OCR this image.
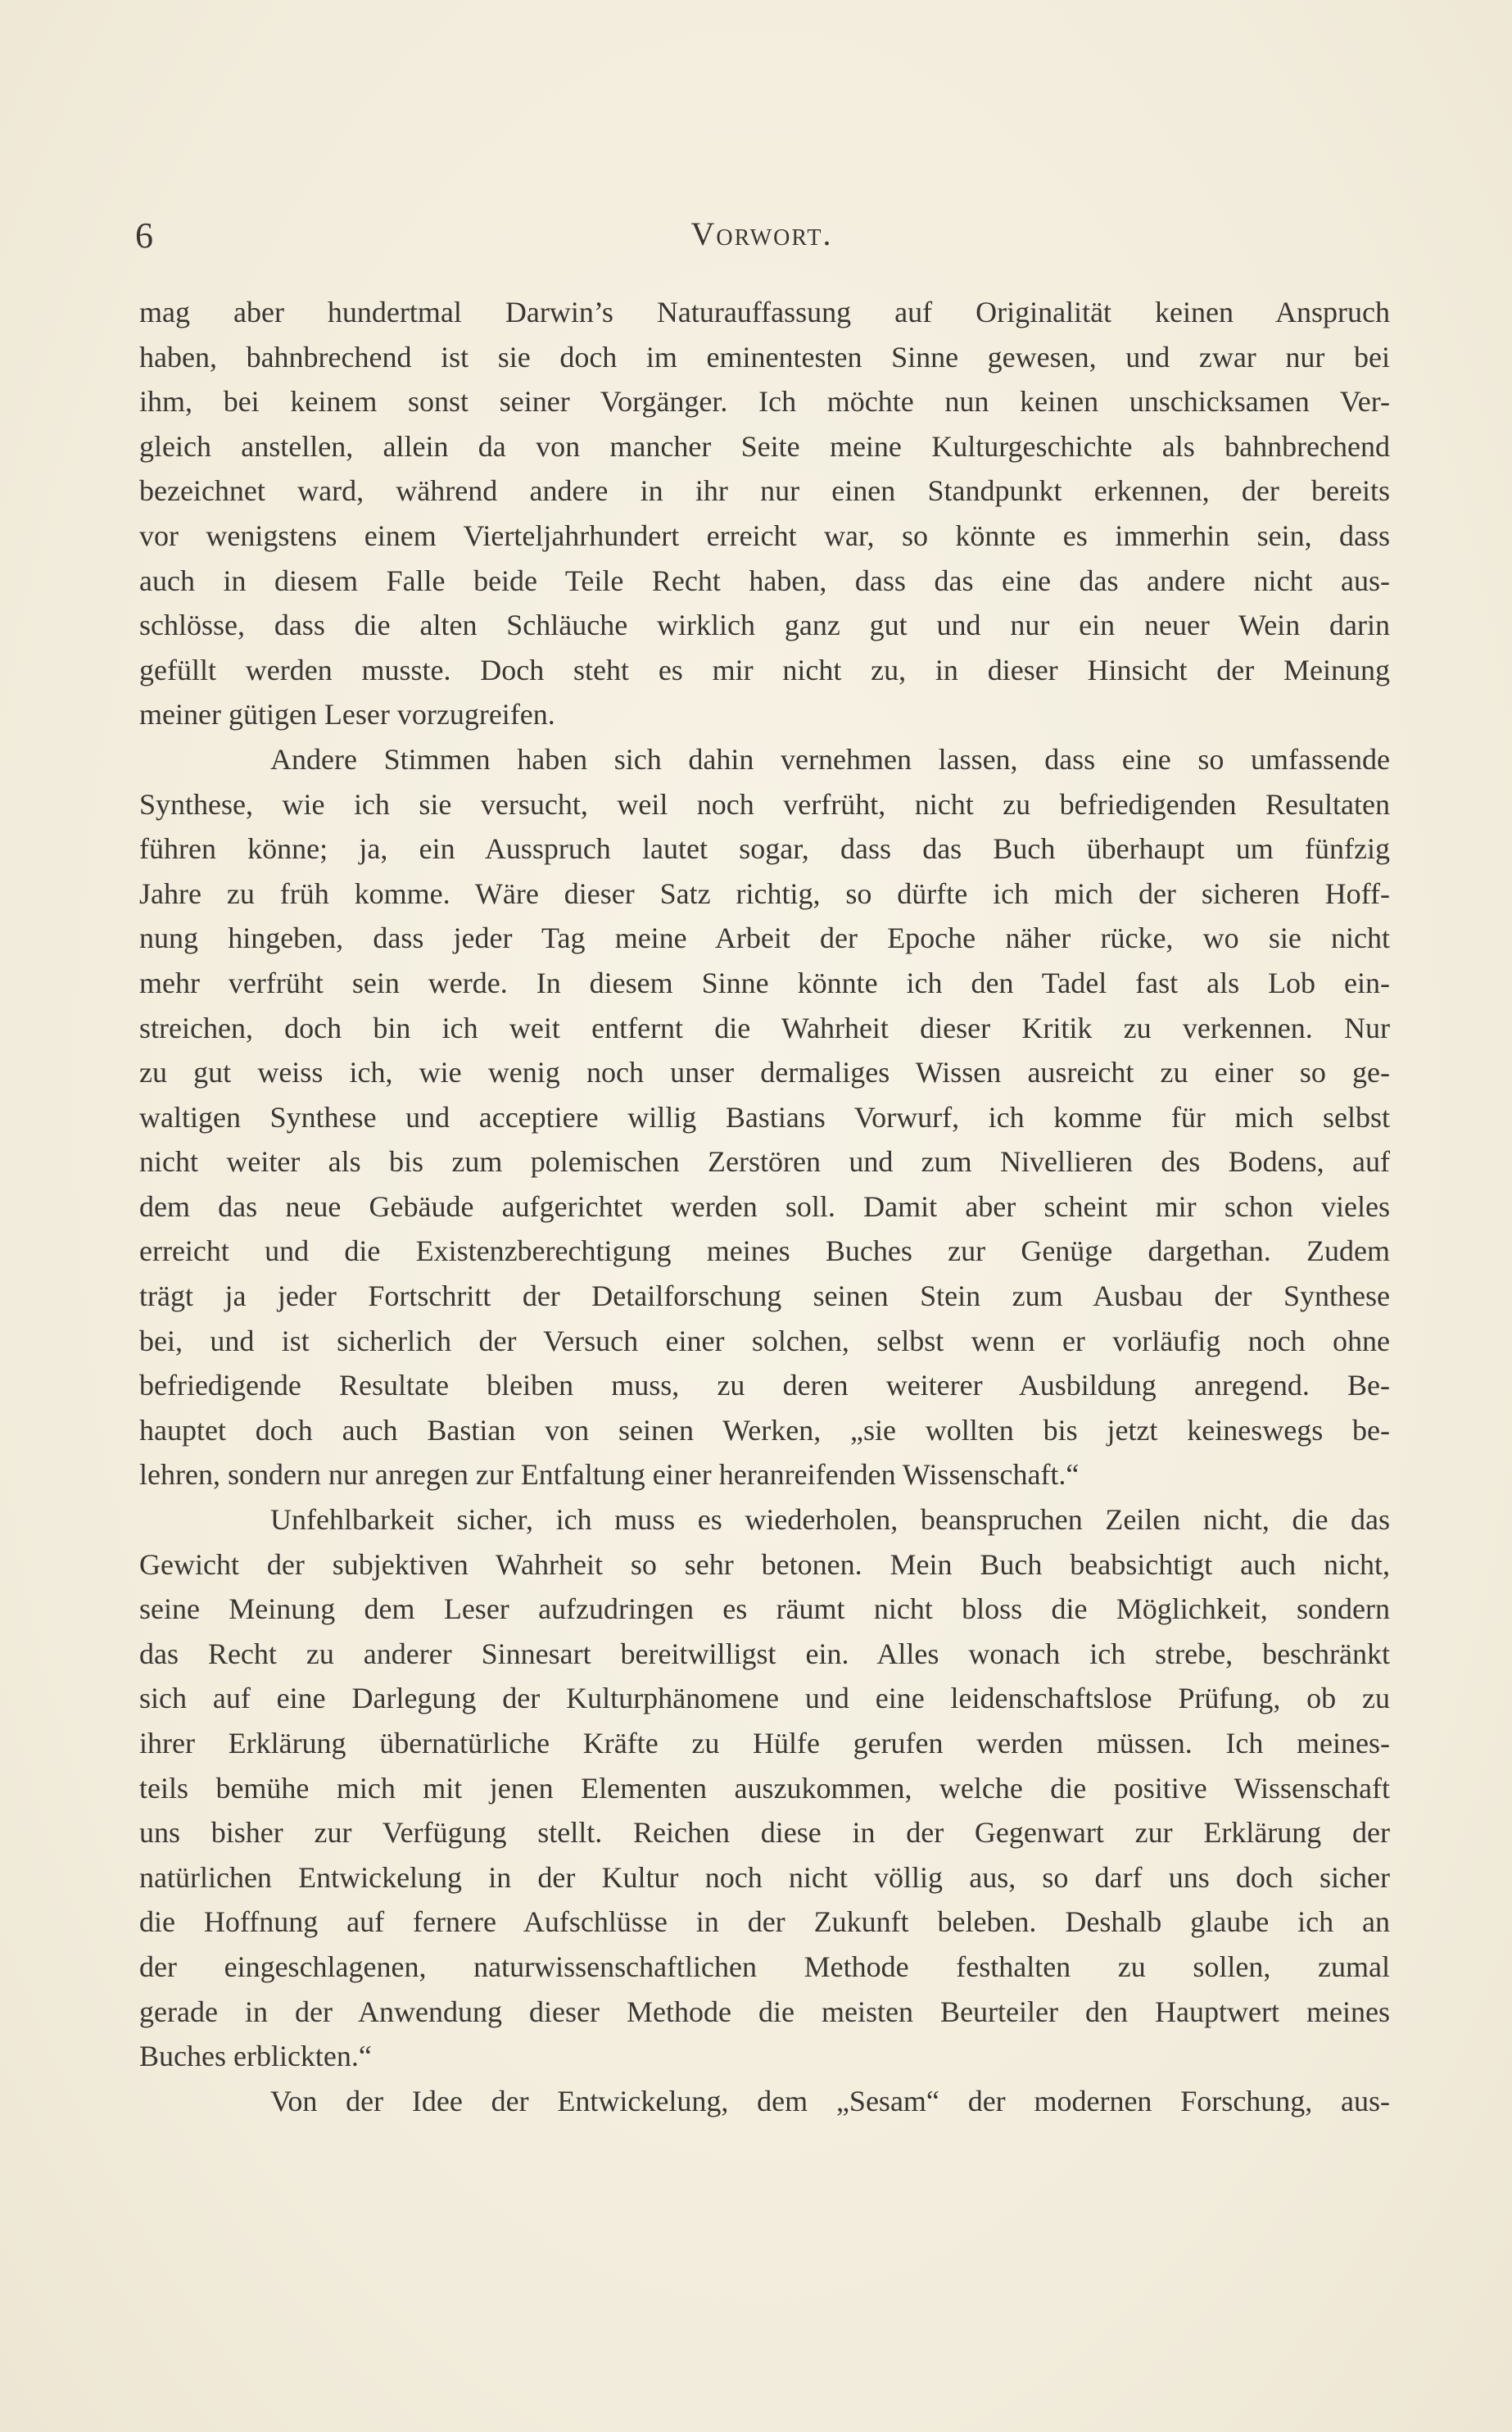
6	Vorwort.
mag aber hundertmal Darwin’s Naturauffassung auf Originalität keinen Anspruch
haben, bahnbrechend ist sie doch im eminentesten Sinne gewesen, und zwar nur bei
ihm, bei keinem sonst seiner Vorgänger. Ich möchte nun keinen unschicksamen Ver-
gleich anstellen, allein da von mancher Seite meine Kulturgeschichte als bahnbrechend
bezeichnet ward, während andere in ihr nur einen Standpunkt erkennen, der bereits
vor wenigstens einem Vierteljahrhundert erreicht war, so könnte es immerhin sein, dass
auch in diesem Falle beide Teile Recht haben, dass das eine das andere nicht aus-
schlösse, dass die alten Schläuche wirklich ganz gut und nur ein neuer Wein darin
gefüllt werden musste. Doch steht es mir nicht zu, in dieser Hinsicht der Meinung
meiner gütigen Leser vorzugreifen.
Andere Stimmen haben sich dahin vernehmen lassen, dass eine so umfassende
Synthese, wie ich sie versucht, weil noch verfrüht, nicht zu befriedigenden Resultaten
führen könne; ja, ein Ausspruch lautet sogar, dass das Buch überhaupt um fünfzig
Jahre zu früh komme. Wäre dieser Satz richtig, so dürfte ich mich der sicheren Hoff-
nung hingeben, dass jeder Tag meine Arbeit der Epoche näher rücke, wo sie nicht
mehr verfrüht sein werde. In diesem Sinne könnte ich den Tadel fast als Lob ein-
streichen, doch bin ich weit entfernt die Wahrheit dieser Kritik zu verkennen. Nur
zu gut weiss ich, wie wenig noch unser dermaliges Wissen ausreicht zu einer so ge-
waltigen Synthese und acceptiere willig Bastians Vorwurf, ich komme für mich selbst
nicht weiter als bis zum polemischen Zerstören und zum Nivellieren des Bodens, auf
dem das neue Gebäude aufgerichtet werden soll. Damit aber scheint mir schon vieles
erreicht und die Existenzberechtigung meines Buches zur Genüge dargethan. Zudem
trägt ja jeder Fortschritt der Detailforschung seinen Stein zum Ausbau der Synthese
bei, und ist sicherlich der Versuch einer solchen, selbst wenn er vorläufig noch ohne
befriedigende Resultate bleiben muss, zu deren weiterer Ausbildung anregend. Be-
hauptet doch auch Bastian von seinen Werken, „sie wollten bis jetzt keineswegs be-
lehren, sondern nur anregen zur Entfaltung einer heranreifenden Wissenschaft.“
Unfehlbarkeit sicher, ich muss es wiederholen, beanspruchen Zeilen nicht, die das
Gewicht der subjektiven Wahrheit so sehr betonen. Mein Buch beabsichtigt auch nicht,
seine Meinung dem Leser aufzudringen es räumt nicht bloss die Möglichkeit, sondern
das Recht zu anderer Sinnesart bereitwilligst ein. Alles wonach ich strebe, beschränkt
sich auf eine Darlegung der Kulturphänomene und eine leidenschaftslose Prüfung, ob zu
ihrer Erklärung übernatürliche Kräfte zu Hülfe gerufen werden müssen. Ich meines-
teils bemühe mich mit jenen Elementen auszukommen, welche die positive Wissenschaft
uns bisher zur Verfügung stellt. Reichen diese in der Gegenwart zur Erklärung der
natürlichen Entwickelung in der Kultur noch nicht völlig aus, so darf uns doch sicher
die Hoffnung auf fernere Aufschlüsse in der Zukunft beleben. Deshalb glaube ich an
der eingeschlagenen, naturwissenschaftlichen Methode festhalten zu sollen, zumal
gerade in der Anwendung dieser Methode die meisten Beurteiler den Hauptwert meines
Buches erblickten.“
Von der Idee der Entwickelung, dem „Sesam“ der modernen Forschung, aus-
